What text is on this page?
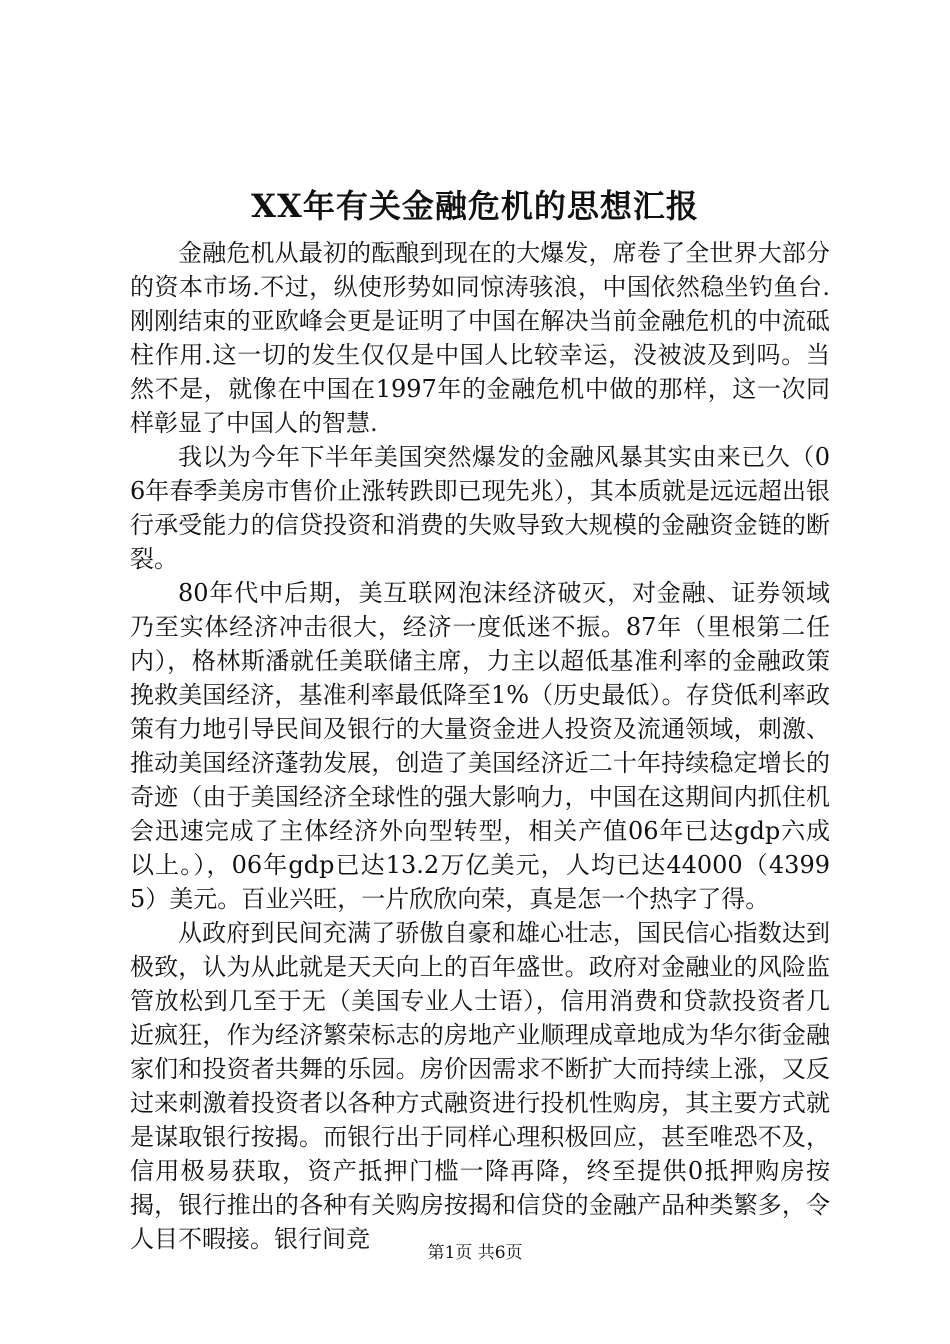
XX年有关金融危机的思想汇报

金融危机从最初的酝酿到现在的大爆发，席卷了全世界大部分的资本市场.不过，纵使形势如同惊涛骇浪，中国依然稳坐钓鱼台.刚刚结束的亚欧峰会更是证明了中国在解决当前金融危机的中流砥柱作用.这一切的发生仅仅是中国人比较幸运，没被波及到吗。当然不是，就像在中国在1997年的金融危机中做的那样，这一次同样彰显了中国人的智慧.

我以为今年下半年美国突然爆发的金融风暴其实由来已久（06年春季美房市售价止涨转跌即已现先兆），其本质就是远远超出银行承受能力的信贷投资和消费的失败导致大规模的金融资金链的断裂。

80年代中后期，美互联网泡沫经济破灭，对金融、证券领域乃至实体经济冲击很大，经济一度低迷不振。87年（里根第二任内），格林斯潘就任美联储主席，力主以超低基准利率的金融政策挽救美国经济，基准利率最低降至1%（历史最低）。存贷低利率政策有力地引导民间及银行的大量资金进人投资及流通领域，刺激、推动美国经济蓬勃发展，创造了美国经济近二十年持续稳定增长的奇迹（由于美国经济全球性的强大影响力，中国在这期间内抓住机会迅速完成了主体经济外向型转型，相关产值06年已达gdp六成以上。），06年gdp已达13.2万亿美元，人均已达44000（43995）美元。百业兴旺，一片欣欣向荣，真是怎一个热字了得。

从政府到民间充满了骄傲自豪和雄心壮志，国民信心指数达到极致，认为从此就是天天向上的百年盛世。政府对金融业的风险监管放松到几至于无（美国专业人士语），信用消费和贷款投资者几近疯狂，作为经济繁荣标志的房地产业顺理成章地成为华尔街金融家们和投资者共舞的乐园。房价因需求不断扩大而持续上涨，又反过来刺激着投资者以各种方式融资进行投机性购房，其主要方式就是谋取银行按揭。而银行出于同样心理积极回应，甚至唯恐不及，信用极易获取，资产抵押门槛一降再降，终至提供0抵押购房按揭，银行推出的各种有关购房按揭和信贷的金融产品种类繁多，令人目不暇接。银行间竞	第1页 共6页
